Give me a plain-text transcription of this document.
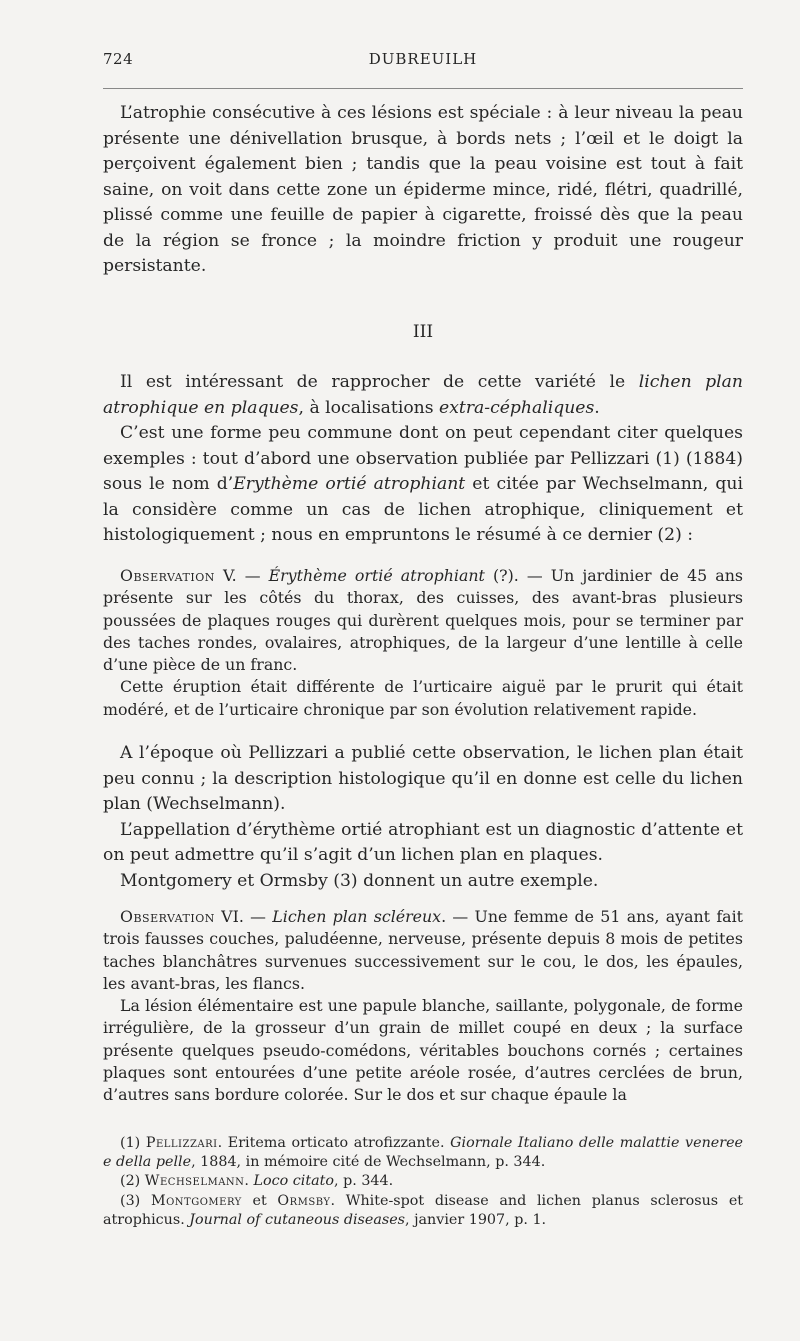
724	DUBREUILH

L’atrophie consécutive à ces lésions est spéciale : à leur niveau la peau présente une dénivellation brusque, à bords nets ; l’œil et le doigt la perçoivent également bien ; tandis que la peau voisine est tout à fait saine, on voit dans cette zone un épiderme mince, ridé, flétri, quadrillé, plissé comme une feuille de papier à cigarette, froissé dès que la peau de la région se fronce ; la moindre friction y produit une rougeur persistante.

III

Il est intéressant de rapprocher de cette variété le lichen plan atrophique en plaques, à localisations extra-céphaliques.

C’est une forme peu commune dont on peut cependant citer quelques exemples : tout d’abord une observation publiée par Pellizzari (1) (1884) sous le nom d’Erythème ortié atrophiant et citée par Wechselmann, qui la considère comme un cas de lichen atrophique, cliniquement et histologiquement ; nous en empruntons le résumé à ce dernier (2) :

Observation V. — Érythème ortié atrophiant (?). — Un jardinier de 45 ans présente sur les côtés du thorax, des cuisses, des avant-bras plusieurs poussées de plaques rouges qui durèrent quelques mois, pour se terminer par des taches rondes, ovalaires, atrophiques, de la largeur d’une lentille à celle d’une pièce de un franc.

Cette éruption était différente de l’urticaire aiguë par le prurit qui était modéré, et de l’urticaire chronique par son évolution relativement rapide.

A l’époque où Pellizzari a publié cette observation, le lichen plan était peu connu ; la description histologique qu’il en donne est celle du lichen plan (Wechselmann).

L’appellation d’érythème ortié atrophiant est un diagnostic d’attente et on peut admettre qu’il s’agit d’un lichen plan en plaques.

Montgomery et Ormsby (3) donnent un autre exemple.

Observation VI. — Lichen plan scléreux. — Une femme de 51 ans, ayant fait trois fausses couches, paludéenne, nerveuse, présente depuis 8 mois de petites taches blanchâtres survenues successivement sur le cou, le dos, les épaules, les avant-bras, les flancs.

La lésion élémentaire est une papule blanche, saillante, polygonale, de forme irrégulière, de la grosseur d’un grain de millet coupé en deux ; la surface présente quelques pseudo-comédons, véritables bouchons cornés ; certaines plaques sont entourées d’une petite aréole rosée, d’autres cerclées de brun, d’autres sans bordure colorée. Sur le dos et sur chaque épaule la

(1) Pellizzari. Eritema orticato atrofizzante. Giornale Italiano delle malattie veneree e della pelle, 1884, in mémoire cité de Wechselmann, p. 344.

(2) Wechselmann. Loco citato, p. 344.

(3) Montgomery et Ormsby. White-spot disease and lichen planus sclerosus et atrophicus. Journal of cutaneous diseases, janvier 1907, p. 1.
